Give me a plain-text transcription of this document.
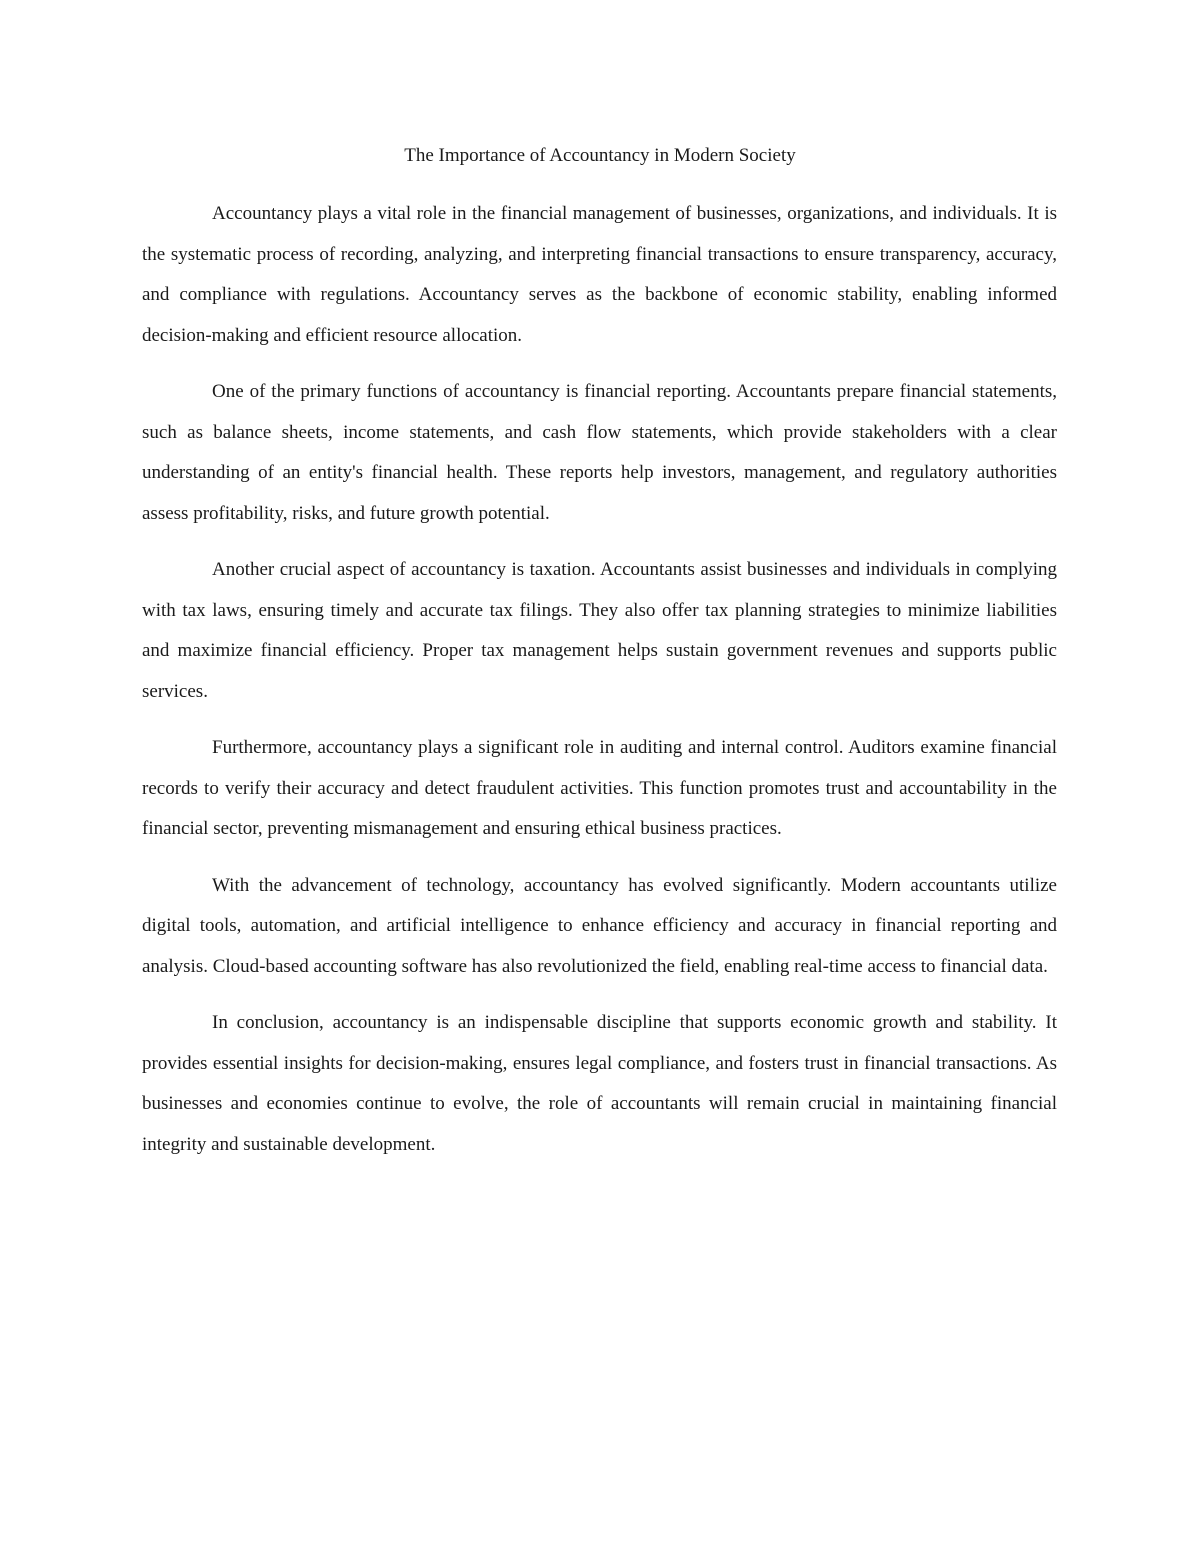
The Importance of Accountancy in Modern Society

Accountancy plays a vital role in the financial management of businesses, organizations, and individuals. It is the systematic process of recording, analyzing, and interpreting financial transactions to ensure transparency, accuracy, and compliance with regulations. Accountancy serves as the backbone of economic stability, enabling informed decision-making and efficient resource allocation.

One of the primary functions of accountancy is financial reporting. Accountants prepare financial statements, such as balance sheets, income statements, and cash flow statements, which provide stakeholders with a clear understanding of an entity's financial health. These reports help investors, management, and regulatory authorities assess profitability, risks, and future growth potential.

Another crucial aspect of accountancy is taxation. Accountants assist businesses and individuals in complying with tax laws, ensuring timely and accurate tax filings. They also offer tax planning strategies to minimize liabilities and maximize financial efficiency. Proper tax management helps sustain government revenues and supports public services.

Furthermore, accountancy plays a significant role in auditing and internal control. Auditors examine financial records to verify their accuracy and detect fraudulent activities. This function promotes trust and accountability in the financial sector, preventing mismanagement and ensuring ethical business practices.

With the advancement of technology, accountancy has evolved significantly. Modern accountants utilize digital tools, automation, and artificial intelligence to enhance efficiency and accuracy in financial reporting and analysis. Cloud-based accounting software has also revolutionized the field, enabling real-time access to financial data.

In conclusion, accountancy is an indispensable discipline that supports economic growth and stability. It provides essential insights for decision-making, ensures legal compliance, and fosters trust in financial transactions. As businesses and economies continue to evolve, the role of accountants will remain crucial in maintaining financial integrity and sustainable development.
